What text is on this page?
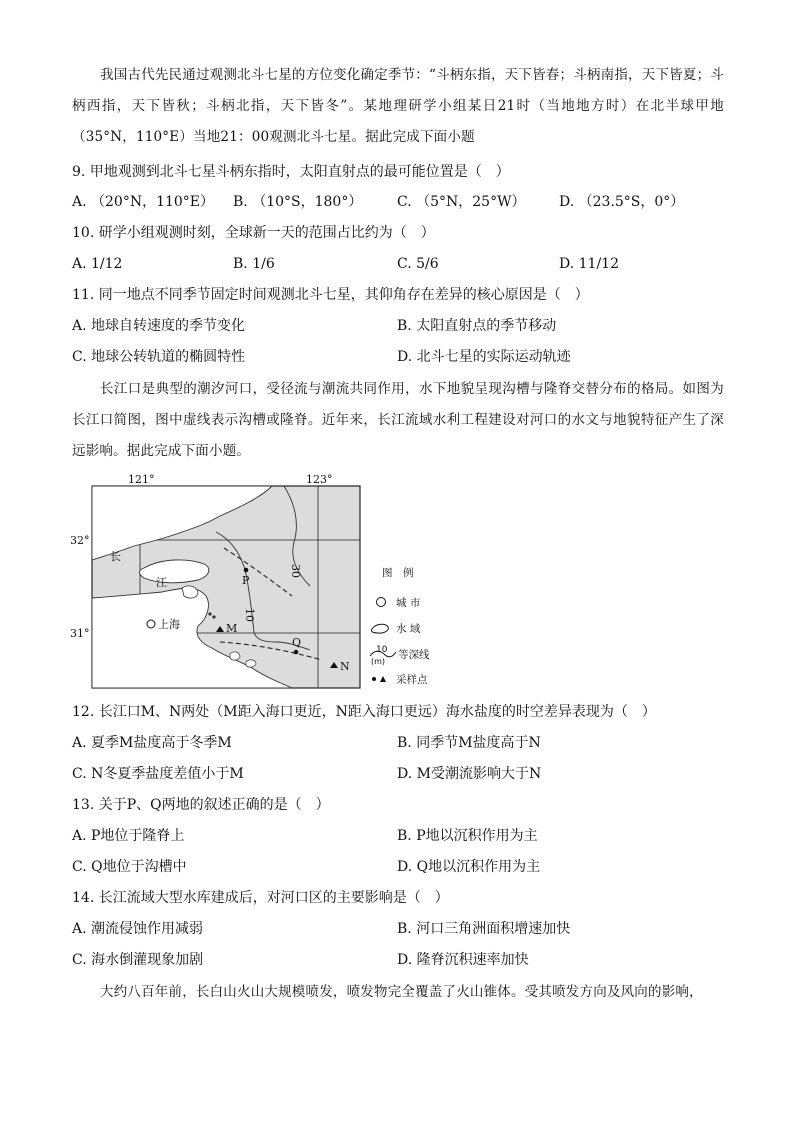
我国古代先民通过观测北斗七星的方位变化确定季节：“斗柄东指，天下皆春；斗柄南指，天下皆夏；斗柄西指，天下皆秋；斗柄北指，天下皆冬”。某地理研学小组某日21时（当地地方时）在北半球甲地（35°N，110°E）当地21：00观测北斗七星。据此完成下面小题
9. 甲地观测到北斗七星斗柄东指时，太阳直射点的最可能位置是（　）
A. （20°N，110°E） B. （10°S，180°） C. （5°N，25°W） D. （23.5°S，0°）
10. 研学小组观测时刻，全球新一天的范围占比约为（　）
A. 1/12	B. 1/6	C. 5/6	D. 11/12
11. 同一地点不同季节固定时间观测北斗七星，其仰角存在差异的核心原因是（　）
A. 地球自转速度的季节变化	B. 太阳直射点的季节移动
C. 地球公转轨道的椭圆特性	D. 北斗七星的实际运动轨迹
长江口是典型的潮汐河口，受径流与潮流共同作用，水下地貌呈现沟槽与隆脊交替分布的格局。如图为长江口简图，图中虚线表示沟槽或隆脊。近年来，长江流域水利工程建设对河口的水文与地貌特征产生了深远影响。据此完成下面小题。
121°	123°
32°
31°
长
江
上海
30
10
P
M
Q
N
图　例
城 市
水 域
10
(m)
等深线
采样点
12. 长江口M、N两处（M距入海口更近，N距入海口更远）海水盐度的时空差异表现为（　）
A. 夏季M盐度高于冬季M	B. 同季节M盐度高于N
C. N冬夏季盐度差值小于M	D. M受潮流影响大于N
13. 关于P、Q两地的叙述正确的是（　）
A. P地位于隆脊上	B. P地以沉积作用为主
C. Q地位于沟槽中	D. Q地以沉积作用为主
14. 长江流域大型水库建成后，对河口区的主要影响是（　）
A. 潮流侵蚀作用减弱	B. 河口三角洲面积增速加快
C. 海水倒灌现象加剧	D. 隆脊沉积速率加快
大约八百年前，长白山火山大规模喷发，喷发物完全覆盖了火山锥体。受其喷发方向及风向的影响，
